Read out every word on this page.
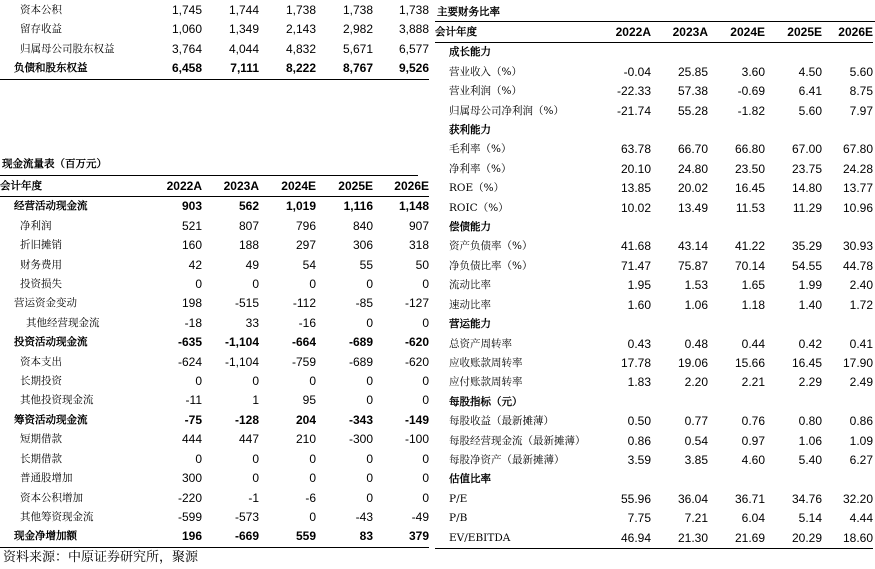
资本公积	1,745	1,744	1,738	1,738	1,738
留存收益	1,060	1,349	2,143	2,982	3,888
归属母公司股东权益	3,764	4,044	4,832	5,671	6,577
负债和股东权益	6,458	7,111	8,222	8,767	9,526
现金流量表（百万元）
会计年度	2022A	2023A	2024E	2025E	2026E
经营活动现金流	903	562	1,019	1,116	1,148
净利润	521	807	796	840	907
折旧摊销	160	188	297	306	318
财务费用	42	49	54	55	50
投资损失	0	0	0	0	0
营运资金变动	198	-515	-112	-85	-127
其他经营现金流	-18	33	-16	0	0
投资活动现金流	-635	-1,104	-664	-689	-620
资本支出	-624	-1,104	-759	-689	-620
长期投资	0	0	0	0	0
其他投资现金流	-11	1	95	0	0
筹资活动现金流	-75	-128	204	-343	-149
短期借款	444	447	210	-300	-100
长期借款	0	0	0	0	0
普通股增加	300	0	0	0	0
资本公积增加	-220	-1	-6	0	0
其他筹资现金流	-599	-573	0	-43	-49
现金净增加额	196	-669	559	83	379
主要财务比率
会计年度	2022A	2023A	2024E	2025E	2026E
成长能力					
营业收入（%）	-0.04	25.85	3.60	4.50	5.60
营业利润（%）	-22.33	57.38	-0.69	6.41	8.75
归属母公司净利润（%）	-21.74	55.28	-1.82	5.60	7.97
获利能力					
毛利率（%）	63.78	66.70	66.80	67.00	67.80
净利率（%）	20.10	24.80	23.50	23.75	24.28
ROE（%）	13.85	20.02	16.45	14.80	13.77
ROIC（%）	10.02	13.49	11.53	11.29	10.96
偿债能力					
资产负债率（%）	41.68	43.14	41.22	35.29	30.93
净负债比率（%）	71.47	75.87	70.14	54.55	44.78
流动比率	1.95	1.53	1.65	1.99	2.40
速动比率	1.60	1.06	1.18	1.40	1.72
营运能力					
总资产周转率	0.43	0.48	0.44	0.42	0.41
应收账款周转率	17.78	19.06	15.66	16.45	17.90
应付账款周转率	1.83	2.20	2.21	2.29	2.49
每股指标（元）					
每股收益（最新摊薄）	0.50	0.77	0.76	0.80	0.86
每股经营现金流（最新摊薄）	0.86	0.54	0.97	1.06	1.09
每股净资产（最新摊薄）	3.59	3.85	4.60	5.40	6.27
估值比率					
P/E	55.96	36.04	36.71	34.76	32.20
P/B	7.75	7.21	6.04	5.14	4.44
EV/EBITDA	46.94	21.30	21.69	20.29	18.60
资料来源：中原证券研究所，聚源
